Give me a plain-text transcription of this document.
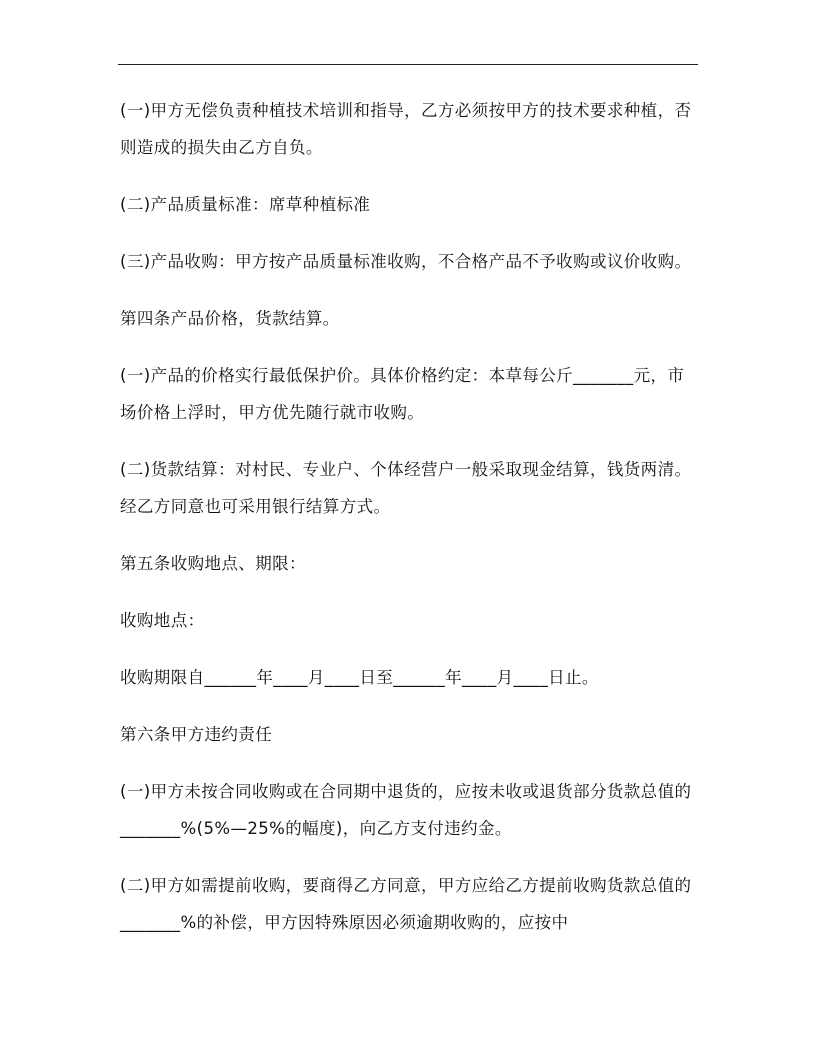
(一)甲方无偿负责种植技术培训和指导，乙方必须按甲方的技术要求种植，否则造成的损失由乙方自负。

(二)产品质量标准：席草种植标准

(三)产品收购：甲方按产品质量标准收购，不合格产品不予收购或议价收购。

第四条产品价格，货款结算。

(一)产品的价格实行最低保护价。具体价格约定：本草每公斤_______元，市场价格上浮时，甲方优先随行就市收购。

(二)货款结算：对村民、专业户、个体经营户一般采取现金结算，钱货两清。经乙方同意也可采用银行结算方式。

第五条收购地点、期限：

收购地点：

收购期限自______年____月____日至______年____月____日止。

第六条甲方违约责任

(一)甲方未按合同收购或在合同期中退货的，应按未收或退货部分货款总值的_______%(5%—25%的幅度)，向乙方支付违约金。

(二)甲方如需提前收购，要商得乙方同意，甲方应给乙方提前收购货款总值的_______%的补偿，甲方因特殊原因必须逾期收购的，应按中
